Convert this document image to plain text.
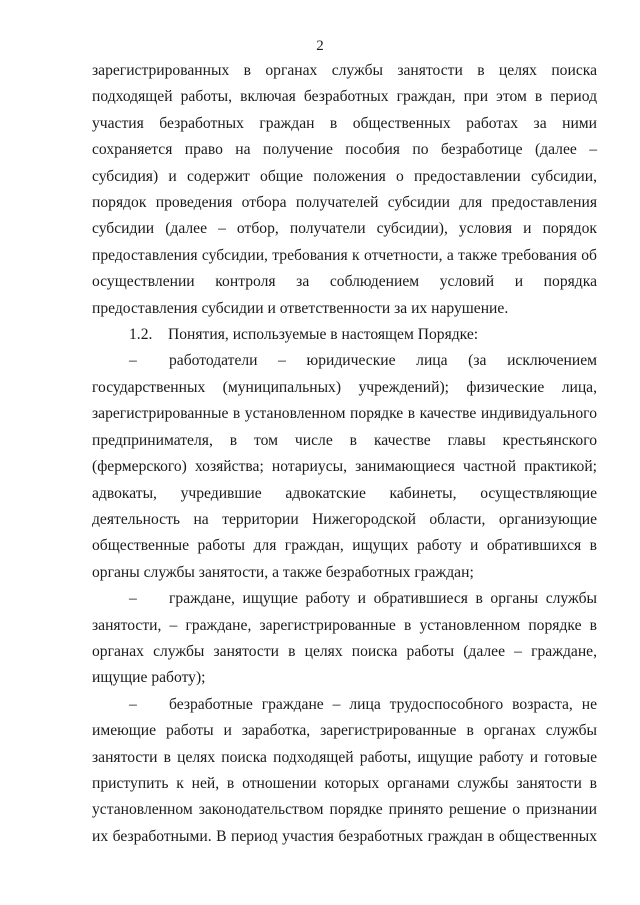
2

зарегистрированных в органах службы занятости в целях поиска подходящей работы, включая безработных граждан, при этом в период участия безработных граждан в общественных работах за ними сохраняется право на получение пособия по безработице (далее – субсидия) и содержит общие положения о предоставлении субсидии, порядок проведения отбора получателей субсидии для предоставления субсидии (далее – отбор, получатели субсидии), условия и порядок предоставления субсидии, требования к отчетности, а также требования об осуществлении контроля за соблюдением условий и порядка предоставления субсидии и ответственности за их нарушение.

1.2.    Понятия, используемые в настоящем Порядке:

– работодатели – юридические лица (за исключением государственных (муниципальных) учреждений); физические лица, зарегистрированные в установленном порядке в качестве индивидуального предпринимателя, в том числе в качестве главы крестьянского (фермерского) хозяйства; нотариусы, занимающиеся частной практикой; адвокаты, учредившие адвокатские кабинеты, осуществляющие деятельность на территории Нижегородской области, организующие общественные работы для граждан, ищущих работу и обратившихся в органы службы занятости, а также безработных граждан;

– граждане, ищущие работу и обратившиеся в органы службы занятости, – граждане, зарегистрированные в установленном порядке в органах службы занятости в целях поиска работы (далее – граждане, ищущие работу);

– безработные граждане – лица трудоспособного возраста, не имеющие работы и заработка, зарегистрированные в органах службы занятости в целях поиска подходящей работы, ищущие работу и готовые приступить к ней, в отношении которых органами службы занятости в установленном законодательством порядке принято решение о признании их безработными. В период участия безработных граждан в общественных
